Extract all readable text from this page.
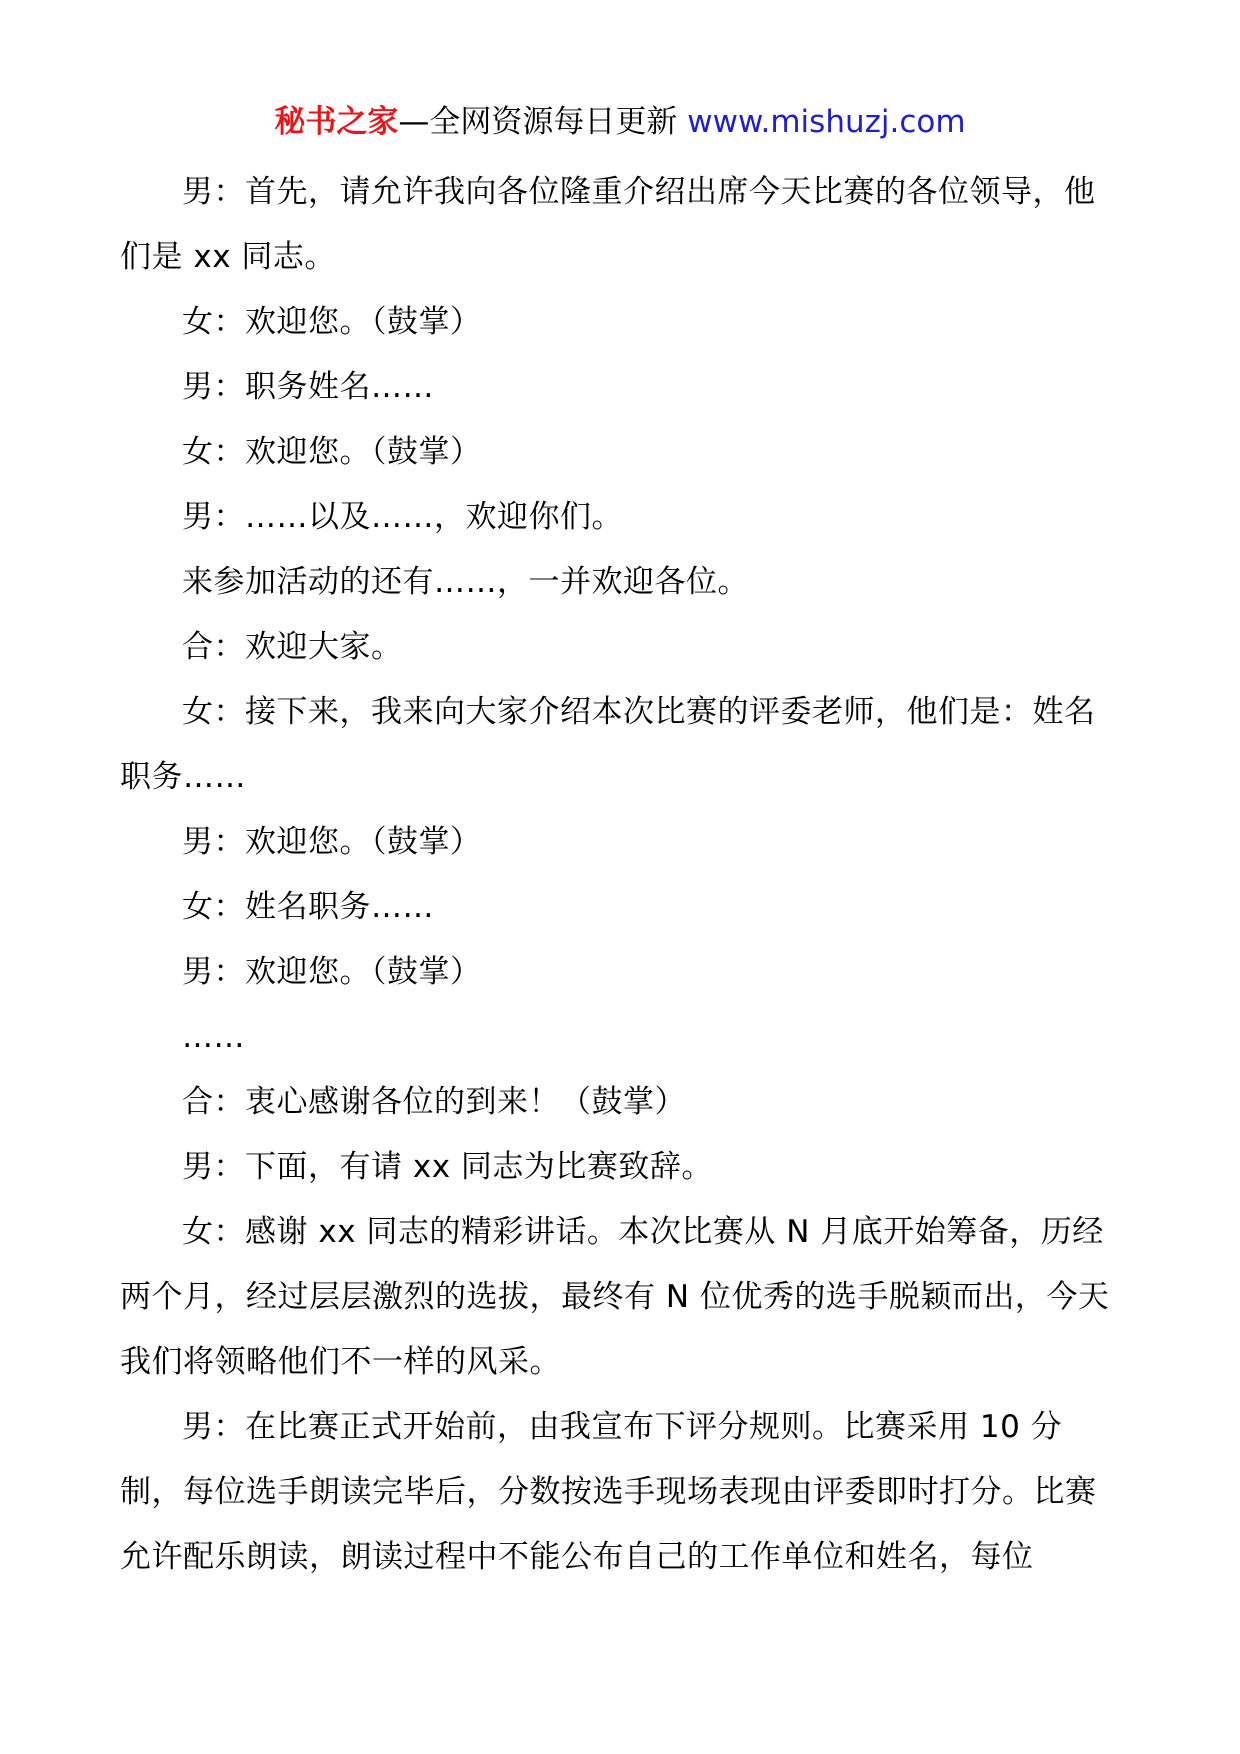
秘书之家—全网资源每日更新 www.mishuzj.com

男：首先，请允许我向各位隆重介绍出席今天比赛的各位领导，他们是 xx 同志。

女：欢迎您。（鼓掌）

男：职务姓名……

女：欢迎您。（鼓掌）

男：……以及……，欢迎你们。

来参加活动的还有……，一并欢迎各位。

合：欢迎大家。

女：接下来，我来向大家介绍本次比赛的评委老师，他们是：姓名职务……

男：欢迎您。（鼓掌）

女：姓名职务……

男：欢迎您。（鼓掌）

……

合：衷心感谢各位的到来！（鼓掌）

男：下面，有请 xx 同志为比赛致辞。

女：感谢 xx 同志的精彩讲话。本次比赛从 N 月底开始筹备，历经两个月，经过层层激烈的选拔，最终有 N 位优秀的选手脱颖而出，今天我们将领略他们不一样的风采。

男：在比赛正式开始前，由我宣布下评分规则。比赛采用 10 分制，每位选手朗读完毕后，分数按选手现场表现由评委即时打分。比赛允许配乐朗读，朗读过程中不能公布自己的工作单位和姓名，每位
